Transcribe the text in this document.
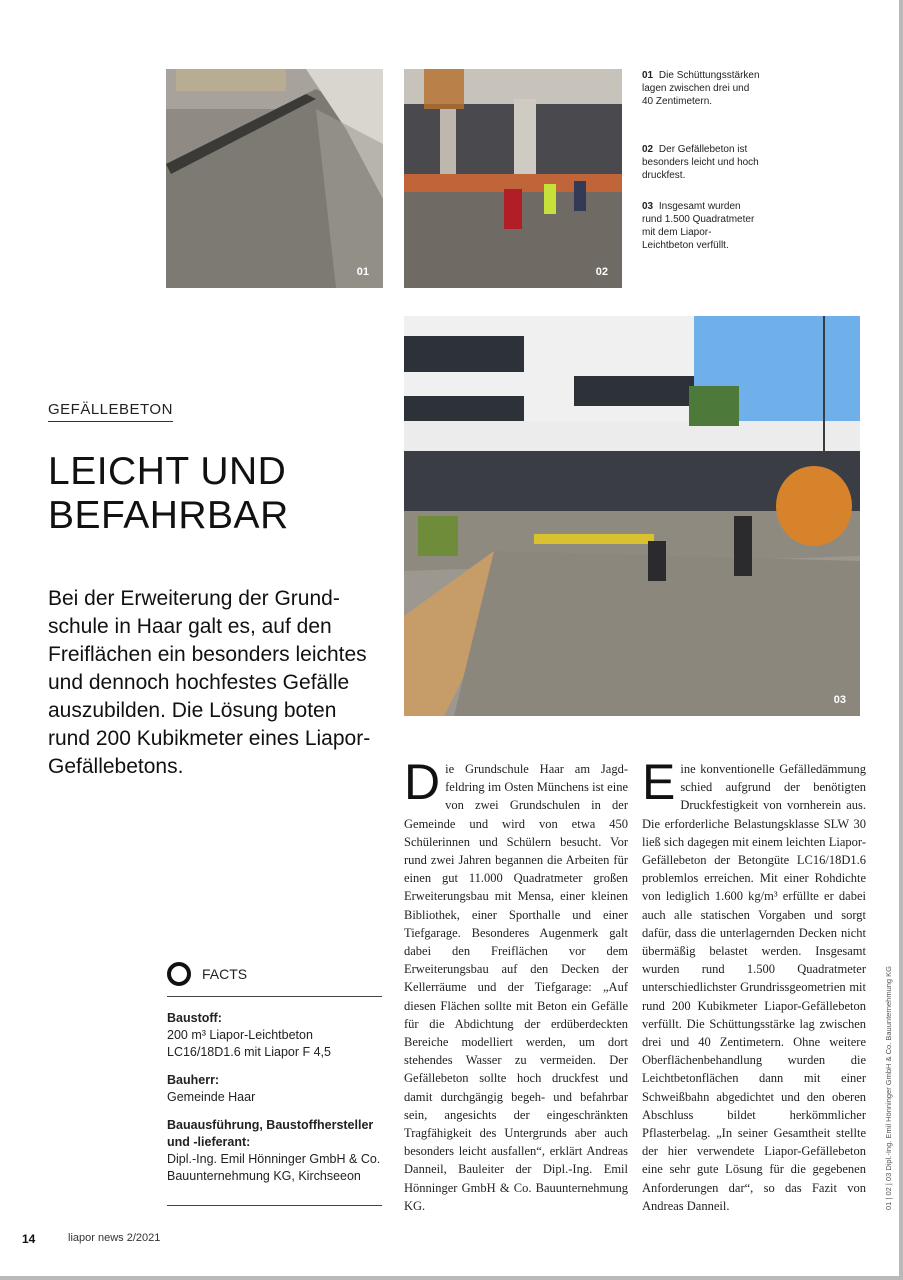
01	02
01 Die Schüttungsstärken lagen zwischen drei und 40 Zentimetern.
02 Der Gefällebeton ist besonders leicht und hoch druckfest.
03 Insgesamt wurden rund 1.500 Quadratmeter mit dem Liapor-Leichtbeton verfüllt.
03
GEFÄLLEBETON
LEICHT UND BEFAHRBAR

Bei der Erweiterung der Grundschule in Haar galt es, auf den Freiflächen ein besonders leichtes und dennoch hochfestes Gefälle auszubilden. Die Lösung boten rund 200 Kubikmeter eines Liapor-Gefällebetons.

FACTS
Baustoff:
200 m³ Liapor-Leichtbeton
LC16/18D1.6 mit Liapor F 4,5
Bauherr:
Gemeinde Haar
Bauausführung, Baustoffhersteller und -lieferant:
Dipl.-Ing. Emil Hönninger GmbH & Co.
Bauunternehmung KG, Kirchseeon

Die Grundschule Haar am Jagdfeldring im Osten Münchens ist eine von zwei Grundschulen in der Gemeinde und wird von etwa 450 Schülerinnen und Schülern besucht. Vor rund zwei Jahren begannen die Arbeiten für einen gut 11.000 Quadratmeter großen Erweiterungsbau mit Mensa, einer kleinen Bibliothek, einer Sporthalle und einer Tiefgarage. Besonderes Augenmerk galt dabei den Freiflächen vor dem Erweiterungsbau auf den Decken der Kellerräume und der Tiefgarage: „Auf diesen Flächen sollte mit Beton ein Gefälle für die Abdichtung der erdüberdeckten Bereiche modelliert werden, um dort stehendes Wasser zu vermeiden. Der Gefällebeton sollte hoch druckfest und damit durchgängig begeh- und befahrbar sein, angesichts der eingeschränkten Tragfähigkeit des Untergrunds aber auch besonders leicht ausfallen“, erklärt Andreas Danneil, Bauleiter der Dipl.-Ing. Emil Hönninger GmbH & Co. Bauunternehmung KG.

Eine konventionelle Gefälledämmung schied aufgrund der benötigten Druckfestigkeit von vornherein aus. Die erforderliche Belastungsklasse SLW 30 ließ sich dagegen mit einem leichten Liapor-Gefällebeton der Betongüte LC16/18D1.6 problemlos erreichen. Mit einer Rohdichte von lediglich 1.600 kg/m³ erfüllte er dabei auch alle statischen Vorgaben und sorgt dafür, dass die unterlagernden Decken nicht übermäßig belastet werden. Insgesamt wurden rund 1.500 Quadratmeter unterschiedlichster Grundrissgeometrien mit rund 200 Kubikmeter Liapor-Gefällebeton verfüllt. Die Schüttungsstärke lag zwischen drei und 40 Zentimetern. Ohne weitere Oberflächenbehandlung wurden die Leichtbetonflächen dann mit einer Schweißbahn abgedichtet und den oberen Abschluss bildet herkömmlicher Pflasterbelag. „In seiner Gesamtheit stellte der hier verwendete Liapor-Gefällebeton eine sehr gute Lösung für die gegebenen Anforderungen dar“, so das Fazit von Andreas Danneil.

14	liapor news 2/2021
01 | 02 | 03 Dipl.-Ing. Emil Hönninger GmbH & Co. Bauunternehmung KG
